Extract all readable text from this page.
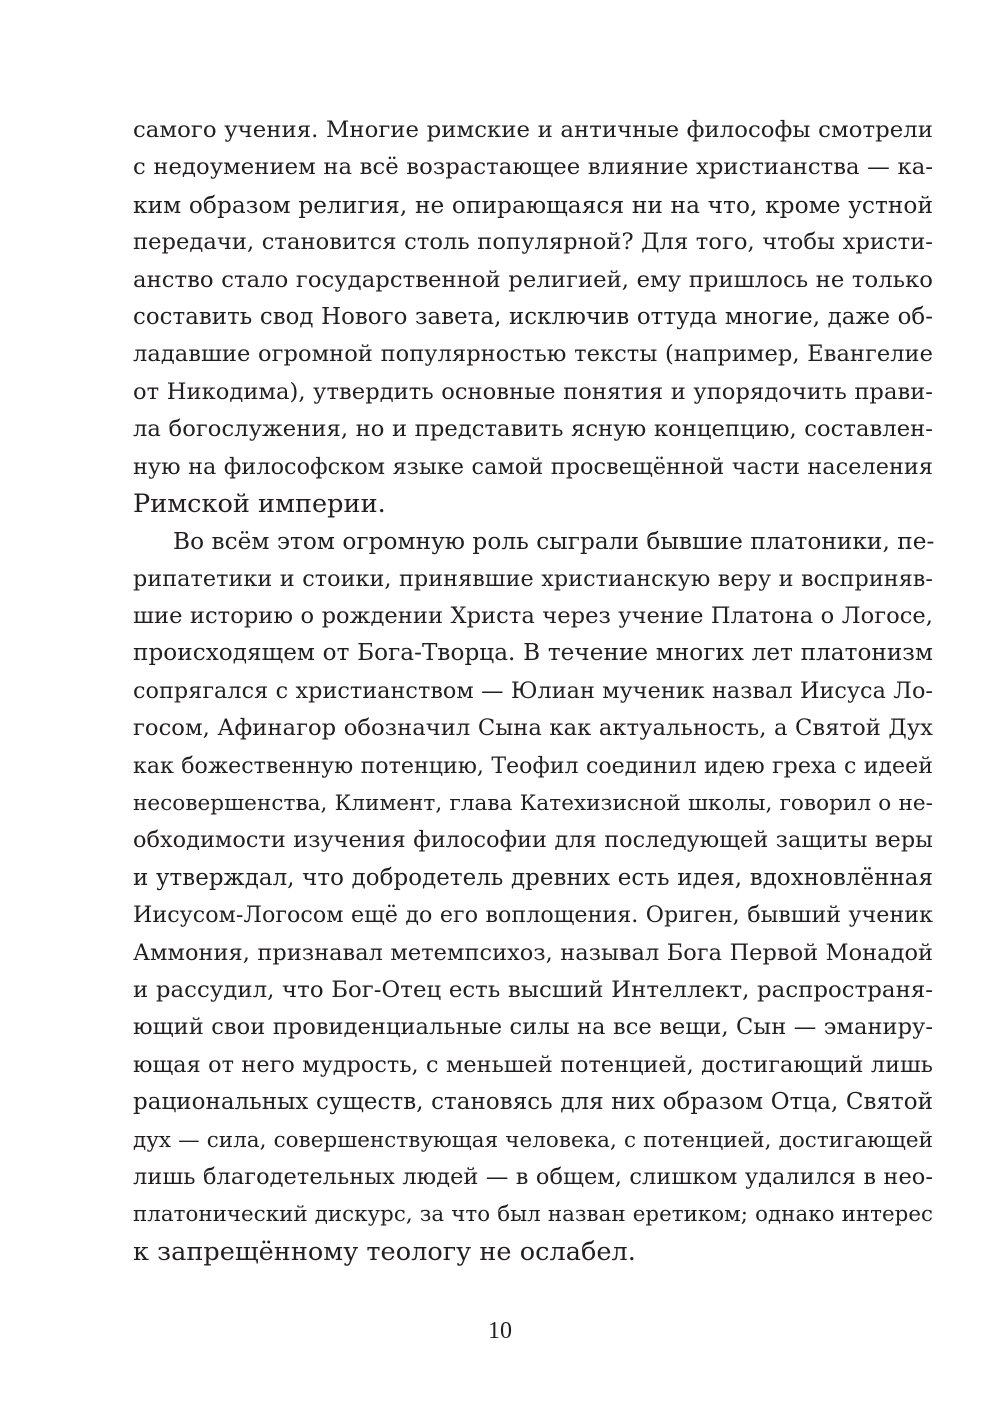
самого учения. Многие римские и античные философы смотрели
с недоумением на всё возрастающее влияние христианства — ка-
ким образом религия, не опирающаяся ни на что, кроме устной
передачи, становится столь популярной? Для того, чтобы христи-
анство стало государственной религией, ему пришлось не только
составить свод Нового завета, исключив оттуда многие, даже об-
ладавшие огромной популярностью тексты (например, Евангелие
от Никодима), утвердить основные понятия и упорядочить прави-
ла богослужения, но и представить ясную концепцию, составлен-
ную на философском языке самой просвещённой части населения
Римской империи.
Во всём этом огромную роль сыграли бывшие платоники, пе-
рипатетики и стоики, принявшие христианскую веру и восприняв-
шие историю о рождении Христа через учение Платона о Логосе,
происходящем от Бога-Творца. В течение многих лет платонизм
сопрягался с христианством — Юлиан мученик назвал Иисуса Ло-
госом, Афинагор обозначил Сына как актуальность, а Святой Дух
как божественную потенцию, Теофил соединил идею греха с идеей
несовершенства, Климент, глава Катехизисной школы, говорил о не-
обходимости изучения философии для последующей защиты веры
и утверждал, что добродетель древних есть идея, вдохновлённая
Иисусом-Логосом ещё до его воплощения. Ориген, бывший ученик
Аммония, признавал метемпсихоз, называл Бога Первой Монадой
и рассудил, что Бог-Отец есть высший Интеллект, распространя-
ющий свои провиденциальные силы на все вещи, Сын — эманиру-
ющая от него мудрость, с меньшей потенцией, достигающий лишь
рациональных существ, становясь для них образом Отца, Святой
дух — сила, совершенствующая человека, с потенцией, достигающей
лишь благодетельных людей — в общем, слишком удалился в нео-
платонический дискурс, за что был назван еретиком; однако интерес
к запрещённому теологу не ослабел.
10
